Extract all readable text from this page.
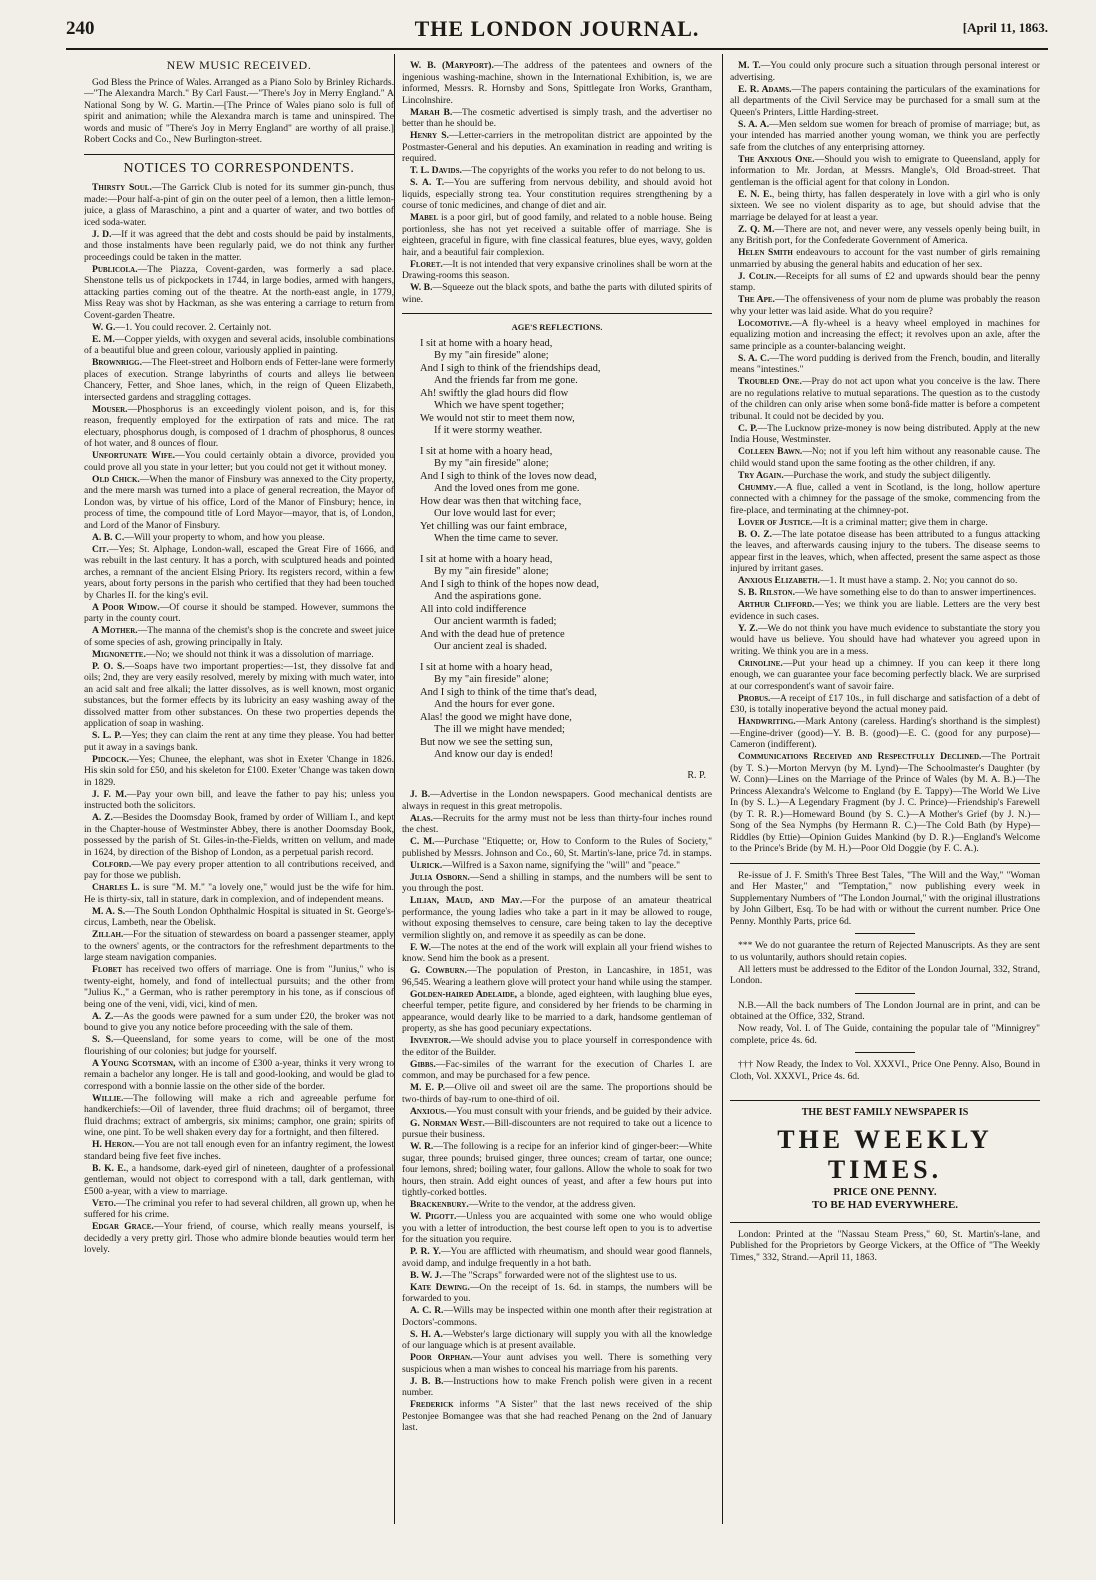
240	THE LONDON JOURNAL.	[April 11, 1863.
NEW MUSIC RECEIVED.

God Bless the Prince of Wales. Arranged as a Piano Solo by Brinley Richards.—"The Alexandra March." By Carl Faust.—"There's Joy in Merry England." A National Song by W. G. Martin.—[The Prince of Wales piano solo is full of spirit and animation; while the Alexandra march is tame and uninspired. The words and music of "There's Joy in Merry England" are worthy of all praise.] Robert Cocks and Co., New Burlington-street.

NOTICES TO CORRESPONDENTS.

Thirsty Soul.—The Garrick Club is noted for its summer gin-punch, thus made:—Pour half-a-pint of gin on the outer peel of a lemon, then a little lemon-juice, a glass of Maraschino, a pint and a quarter of water, and two bottles of iced soda-water.

J. D.—If it was agreed that the debt and costs should be paid by instalments, and those instalments have been regularly paid, we do not think any further proceedings could be taken in the matter.

Publicola.—The Piazza, Covent-garden, was formerly a sad place. Shenstone tells us of pickpockets in 1744, in large bodies, armed with hangers, attacking parties coming out of the theatre. At the north-east angle, in 1779, Miss Reay was shot by Hackman, as she was entering a carriage to return from Covent-garden Theatre.

W. G.—1. You could recover. 2. Certainly not.

E. M.—Copper yields, with oxygen and several acids, insoluble combinations of a beautiful blue and green colour, variously applied in painting.

Brownrigg.—The Fleet-street and Holborn ends of Fetter-lane were formerly places of execution. Strange labyrinths of courts and alleys lie between Chancery, Fetter, and Shoe lanes, which, in the reign of Queen Elizabeth, intersected gardens and straggling cottages.

Mouser.—Phosphorus is an exceedingly violent poison, and is, for this reason, frequently employed for the extirpation of rats and mice. The rat electuary, phosphorus dough, is composed of 1 drachm of phosphorus, 8 ounces of hot water, and 8 ounces of flour.

Unfortunate Wife.—You could certainly obtain a divorce, provided you could prove all you state in your letter; but you could not get it without money.

Old Chick.—When the manor of Finsbury was annexed to the City property, and the mere marsh was turned into a place of general recreation, the Mayor of London was, by virtue of his office, Lord of the Manor of Finsbury; hence, in process of time, the compound title of Lord Mayor—mayor, that is, of London, and Lord of the Manor of Finsbury.

A. B. C.—Will your property to whom, and how you please.

Cit.—Yes; St. Alphage, London-wall, escaped the Great Fire of 1666, and was rebuilt in the last century. It has a porch, with sculptured heads and pointed arches, a remnant of the ancient Elsing Priory. Its registers record, within a few years, about forty persons in the parish who certified that they had been touched by Charles II. for the king's evil.

A Poor Widow.—Of course it should be stamped. However, summons the party in the county court.

A Mother.—The manna of the chemist's shop is the concrete and sweet juice of some species of ash, growing principally in Italy.

Mignonette.—No; we should not think it was a dissolution of marriage.

P. O. S.—Soaps have two important properties:—1st, they dissolve fat and oils; 2nd, they are very easily resolved, merely by mixing with much water, into an acid salt and free alkali; the latter dissolves, as is well known, most organic substances, but the former effects by its lubricity an easy washing away of the dissolved matter from other substances. On these two properties depends the application of soap in washing.

S. L. P.—Yes; they can claim the rent at any time they please. You had better put it away in a savings bank.

Pidcock.—Yes; Chunee, the elephant, was shot in Exeter 'Change in 1826. His skin sold for £50, and his skeleton for £100. Exeter 'Change was taken down in 1829.

J. F. M.—Pay your own bill, and leave the father to pay his; unless you instructed both the solicitors.

A. Z.—Besides the Doomsday Book, framed by order of William I., and kept in the Chapter-house of Westminster Abbey, there is another Doomsday Book, possessed by the parish of St. Giles-in-the-Fields, written on vellum, and made in 1624, by direction of the Bishop of London, as a perpetual parish record.

Colford.—We pay every proper attention to all contributions received, and pay for those we publish.

Charles L. is sure "M. M." "a lovely one," would just be the wife for him. He is thirty-six, tall in stature, dark in complexion, and of independent means.

M. A. S.—The South London Ophthalmic Hospital is situated in St. George's-circus, Lambeth, near the Obelisk.

Zillah.—For the situation of stewardess on board a passenger steamer, apply to the owners' agents, or the contractors for the refreshment departments to the large steam navigation companies.

Flobet has received two offers of marriage. One is from "Junius," who is twenty-eight, homely, and fond of intellectual pursuits; and the other from "Julius K.," a German, who is rather peremptory in his tone, as if conscious of being one of the veni, vidi, vici, kind of men.

A. Z.—As the goods were pawned for a sum under £20, the broker was not bound to give you any notice before proceeding with the sale of them.

S. S.—Queensland, for some years to come, will be one of the most flourishing of our colonies; but judge for yourself.

A Young Scotsman, with an income of £300 a-year, thinks it very wrong to remain a bachelor any longer. He is tall and good-looking, and would be glad to correspond with a bonnie lassie on the other side of the border.

Willie.—The following will make a rich and agreeable perfume for handkerchiefs:—Oil of lavender, three fluid drachms; oil of bergamot, three fluid drachms; extract of ambergris, six minims; camphor, one grain; spirits of wine, one pint. To be well shaken every day for a fortnight, and then filtered.

H. Heron.—You are not tall enough even for an infantry regiment, the lowest standard being five feet five inches.

B. K. E., a handsome, dark-eyed girl of nineteen, daughter of a professional gentleman, would not object to correspond with a tall, dark gentleman, with £500 a-year, with a view to marriage.

Veto.—The criminal you refer to had several children, all grown up, when he suffered for his crime.

Edgar Grace.—Your friend, of course, which really means yourself, is decidedly a very pretty girl. Those who admire blonde beauties would term her lovely.

W. B. (Maryport).—The address of the patentees and owners of the ingenious washing-machine, shown in the International Exhibition, is, we are informed, Messrs. R. Hornsby and Sons, Spittlegate Iron Works, Grantham, Lincolnshire.

Marah B.—The cosmetic advertised is simply trash, and the advertiser no better than he should be.

Henry S.—Letter-carriers in the metropolitan district are appointed by the Postmaster-General and his deputies. An examination in reading and writing is required.

T. L. Davids.—The copyrights of the works you refer to do not belong to us.

S. A. T.—You are suffering from nervous debility, and should avoid hot liquids, especially strong tea. Your constitution requires strengthening by a course of tonic medicines, and change of diet and air.

Mabel is a poor girl, but of good family, and related to a noble house. Being portionless, she has not yet received a suitable offer of marriage. She is eighteen, graceful in figure, with fine classical features, blue eyes, wavy, golden hair, and a beautiful fair complexion.

Floret.—It is not intended that very expansive crinolines shall be worn at the Drawing-rooms this season.

W. B.—Squeeze out the black spots, and bathe the parts with diluted spirits of wine.

AGE'S REFLECTIONS.
I sit at home with a hoary head,
By my "ain fireside" alone;
And I sigh to think of the friendships dead,
And the friends far from me gone.
Ah! swiftly the glad hours did flow
Which we have spent together;
We would not stir to meet them now,
If it were stormy weather.
I sit at home with a hoary head,
By my "ain fireside" alone;
And I sigh to think of the loves now dead,
And the loved ones from me gone.
How dear was then that witching face,
Our love would last for ever;
Yet chilling was our faint embrace,
When the time came to sever.
I sit at home with a hoary head,
By my "ain fireside" alone;
And I sigh to think of the hopes now dead,
And the aspirations gone.
All into cold indifference
Our ancient warmth is faded;
And with the dead hue of pretence
Our ancient zeal is shaded.
I sit at home with a hoary head,
By my "ain fireside" alone;
And I sigh to think of the time that's dead,
And the hours for ever gone.
Alas! the good we might have done,
The ill we might have mended;
But now we see the setting sun,
And know our day is ended!
R. P.

J. B.—Advertise in the London newspapers. Good mechanical dentists are always in request in this great metropolis.

Alas.—Recruits for the army must not be less than thirty-four inches round the chest.

C. M.—Purchase "Etiquette; or, How to Conform to the Rules of Society," published by Messrs. Johnson and Co., 60, St. Martin's-lane, price 7d. in stamps.

Ulrick.—Wilfred is a Saxon name, signifying the "will" and "peace."

Julia Osborn.—Send a shilling in stamps, and the numbers will be sent to you through the post.

Lilian, Maud, and May.—For the purpose of an amateur theatrical performance, the young ladies who take a part in it may be allowed to rouge, without exposing themselves to censure, care being taken to lay the deceptive vermilion slightly on, and remove it as speedily as can be done.

F. W.—The notes at the end of the work will explain all your friend wishes to know. Send him the book as a present.

G. Cowburn.—The population of Preston, in Lancashire, in 1851, was 96,545. Wearing a leathern glove will protect your hand while using the stamper.

Golden-haired Adelaide, a blonde, aged eighteen, with laughing blue eyes, cheerful temper, petite figure, and considered by her friends to be charming in appearance, would dearly like to be married to a dark, handsome gentleman of property, as she has good pecuniary expectations.

Inventor.—We should advise you to place yourself in correspondence with the editor of the Builder.

Gibbs.—Fac-similes of the warrant for the execution of Charles I. are common, and may be purchased for a few pence.

M. E. P.—Olive oil and sweet oil are the same. The proportions should be two-thirds of bay-rum to one-third of oil.

Anxious.—You must consult with your friends, and be guided by their advice.

G. Norman West.—Bill-discounters are not required to take out a licence to pursue their business.

W. R.—The following is a recipe for an inferior kind of ginger-beer:—White sugar, three pounds; bruised ginger, three ounces; cream of tartar, one ounce; four lemons, shred; boiling water, four gallons. Allow the whole to soak for two hours, then strain. Add eight ounces of yeast, and after a few hours put into tightly-corked bottles.

Brackenbury.—Write to the vendor, at the address given.

W. Pigott.—Unless you are acquainted with some one who would oblige you with a letter of introduction, the best course left open to you is to advertise for the situation you require.

P. R. Y.—You are afflicted with rheumatism, and should wear good flannels, avoid damp, and indulge frequently in a hot bath.

B. W. J.—The "Scraps" forwarded were not of the slightest use to us.

Kate Dewing.—On the receipt of 1s. 6d. in stamps, the numbers will be forwarded to you.

A. C. R.—Wills may be inspected within one month after their registration at Doctors'-commons.

S. H. A.—Webster's large dictionary will supply you with all the knowledge of our language which is at present available.

Poor Orphan.—Your aunt advises you well. There is something very suspicious when a man wishes to conceal his marriage from his parents.

J. B. B.—Instructions how to make French polish were given in a recent number.

Frederick informs "A Sister" that the last news received of the ship Pestonjee Bomangee was that she had reached Penang on the 2nd of January last.

M. T.—You could only procure such a situation through personal interest or advertising.

E. R. Adams.—The papers containing the particulars of the examinations for all departments of the Civil Service may be purchased for a small sum at the Queen's Printers, Little Harding-street.

S. A. A.—Men seldom sue women for breach of promise of marriage; but, as your intended has married another young woman, we think you are perfectly safe from the clutches of any enterprising attorney.

The Anxious One.—Should you wish to emigrate to Queensland, apply for information to Mr. Jordan, at Messrs. Mangle's, Old Broad-street. That gentleman is the official agent for that colony in London.

E. N. E., being thirty, has fallen desperately in love with a girl who is only sixteen. We see no violent disparity as to age, but should advise that the marriage be delayed for at least a year.

Z. Q. M.—There are not, and never were, any vessels openly being built, in any British port, for the Confederate Government of America.

Helen Smith endeavours to account for the vast number of girls remaining unmarried by abusing the general habits and education of her sex.

J. Colin.—Receipts for all sums of £2 and upwards should bear the penny stamp.

The Ape.—The offensiveness of your nom de plume was probably the reason why your letter was laid aside. What do you require?

Locomotive.—A fly-wheel is a heavy wheel employed in machines for equalizing motion and increasing the effect; it revolves upon an axle, after the same principle as a counter-balancing weight.

S. A. C.—The word pudding is derived from the French, boudin, and literally means "intestines."

Troubled One.—Pray do not act upon what you conceive is the law. There are no regulations relative to mutual separations. The question as to the custody of the children can only arise when some bonâ-fide matter is before a competent tribunal. It could not be decided by you.

C. P.—The Lucknow prize-money is now being distributed. Apply at the new India House, Westminster.

Colleen Bawn.—No; not if you left him without any reasonable cause. The child would stand upon the same footing as the other children, if any.

Try Again.—Purchase the work, and study the subject diligently.

Chummy.—A flue, called a vent in Scotland, is the long, hollow aperture connected with a chimney for the passage of the smoke, commencing from the fire-place, and terminating at the chimney-pot.

Lover of Justice.—It is a criminal matter; give them in charge.

B. O. Z.—The late potatoe disease has been attributed to a fungus attacking the leaves, and afterwards causing injury to the tubers. The disease seems to appear first in the leaves, which, when affected, present the same aspect as those injured by irritant gases.

Anxious Elizabeth.—1. It must have a stamp. 2. No; you cannot do so.

S. B. Rilston.—We have something else to do than to answer impertinences.

Arthur Clifford.—Yes; we think you are liable. Letters are the very best evidence in such cases.

Y. Z.—We do not think you have much evidence to substantiate the story you would have us believe. You should have had whatever you agreed upon in writing. We think you are in a mess.

Crinoline.—Put your head up a chimney. If you can keep it there long enough, we can guarantee your face becoming perfectly black. We are surprised at our correspondent's want of savoir faire.

Probus.—A receipt of £17 10s., in full discharge and satisfaction of a debt of £30, is totally inoperative beyond the actual money paid.

Handwriting.—Mark Antony (careless. Harding's shorthand is the simplest)—Engine-driver (good)—Y. B. B. (good)—E. C. (good for any purpose)—Cameron (indifferent).

Communications Received and Respectfully Declined.—The Portrait (by T. S.)—Morton Mervyn (by M. Lynd)—The Schoolmaster's Daughter (by W. Conn)—Lines on the Marriage of the Prince of Wales (by M. A. B.)—The Princess Alexandra's Welcome to England (by E. Tappy)—The World We Live In (by S. L.)—A Legendary Fragment (by J. C. Prince)—Friendship's Farewell (by T. R. R.)—Homeward Bound (by S. C.)—A Mother's Grief (by J. N.)—Song of the Sea Nymphs (by Hermann R. C.)—The Cold Bath (by Hype)—Riddles (by Ettie)—Opinion Guides Mankind (by D. R.)—England's Welcome to the Prince's Bride (by M. H.)—Poor Old Doggie (by F. C. A.).

Re-issue of J. F. Smith's Three Best Tales, "The Will and the Way," "Woman and Her Master," and "Temptation," now publishing every week in Supplementary Numbers of "The London Journal," with the original illustrations by John Gilbert, Esq. To be had with or without the current number. Price One Penny. Monthly Parts, price 6d.

*** We do not guarantee the return of Rejected Manuscripts. As they are sent to us voluntarily, authors should retain copies.

All letters must be addressed to the Editor of the London Journal, 332, Strand, London.

N.B.—All the back numbers of The London Journal are in print, and can be obtained at the Office, 332, Strand.

Now ready, Vol. I. of The Guide, containing the popular tale of "Minnigrey" complete, price 4s. 6d.

††† Now Ready, the Index to Vol. XXXVI., Price One Penny. Also, Bound in Cloth, Vol. XXXVI., Price 4s. 6d.

THE BEST FAMILY NEWSPAPER IS
THE WEEKLY TIMES.
PRICE ONE PENNY.
TO BE HAD EVERYWHERE.

London: Printed at the "Nassau Steam Press," 60, St. Martin's-lane, and Published for the Proprietors by George Vickers, at the Office of "The Weekly Times," 332, Strand.—April 11, 1863.
